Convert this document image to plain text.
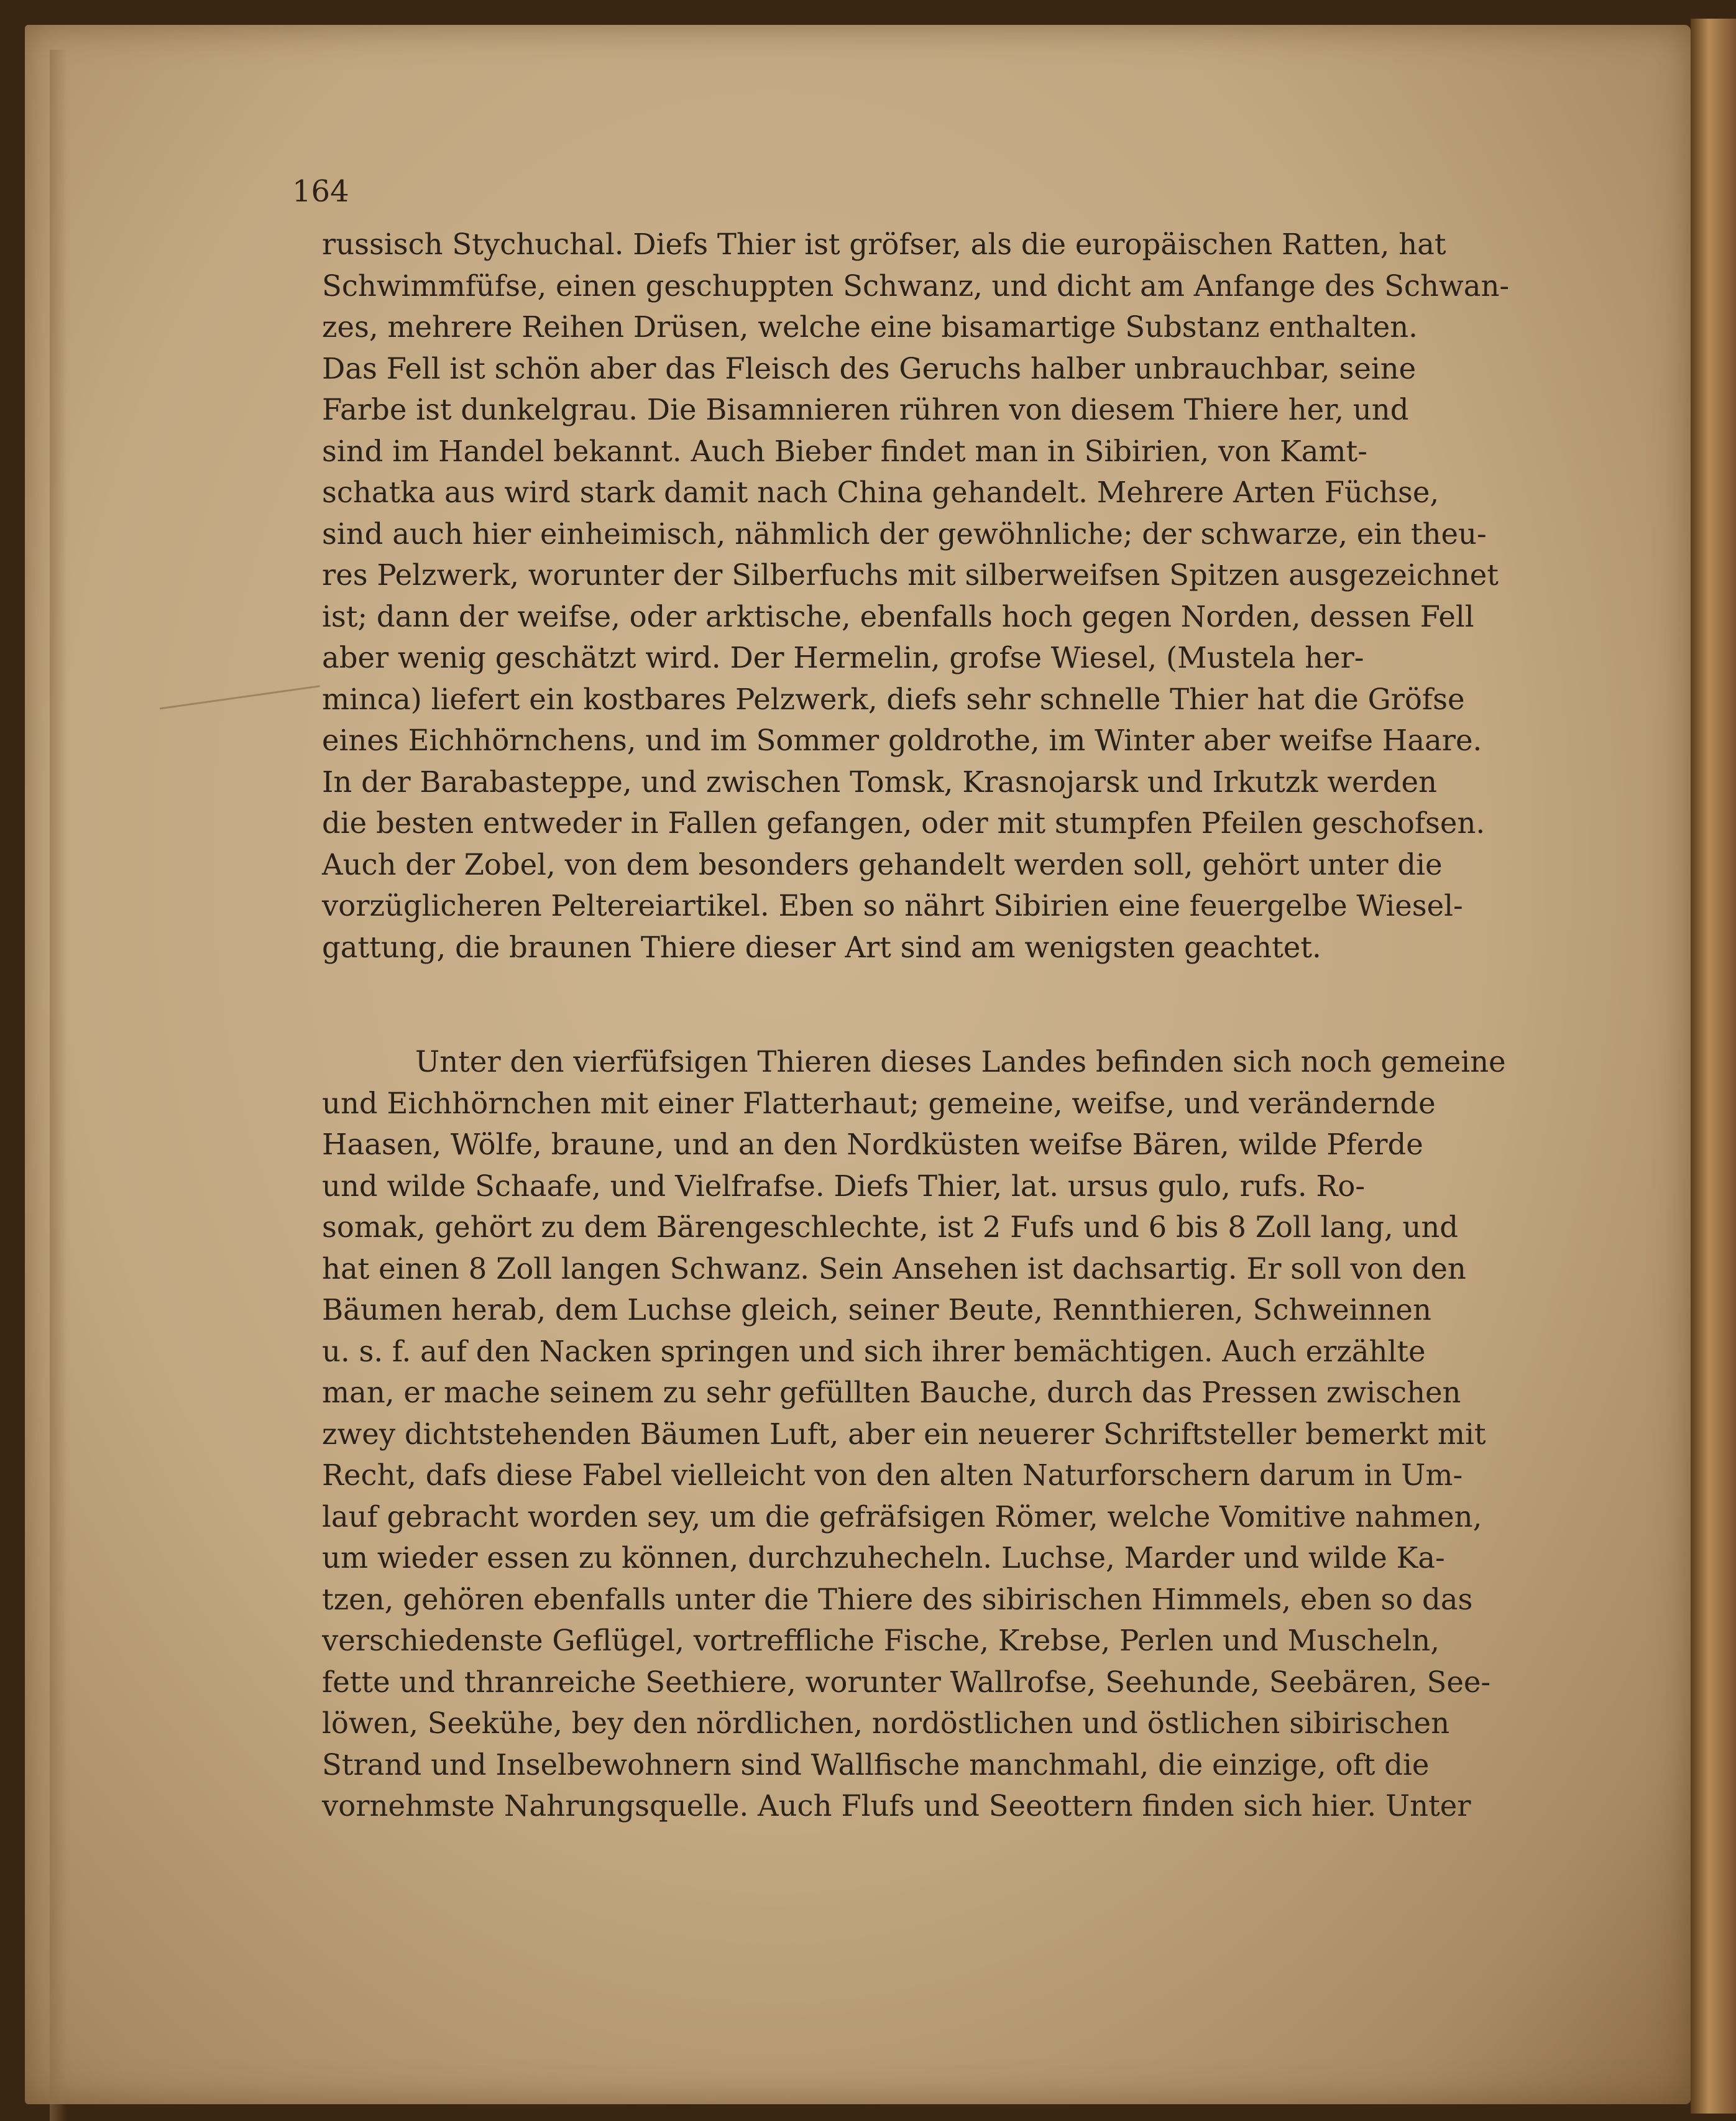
164

russisch Stychuchal. Diefs Thier ist gröfser, als die europäischen Ratten, hat
Schwimmfüfse, einen geschuppten Schwanz, und dicht am Anfange des Schwan-
zes, mehrere Reihen Drüsen, welche eine bisamartige Substanz enthalten.
Das Fell ist schön aber das Fleisch des Geruchs halber unbrauchbar, seine
Farbe ist dunkelgrau. Die Bisamnieren rühren von diesem Thiere her, und
sind im Handel bekannt. Auch Bieber findet man in Sibirien, von Kamt-
schatka aus wird stark damit nach China gehandelt. Mehrere Arten Füchse,
sind auch hier einheimisch, nähmlich der gewöhnliche; der schwarze, ein theu-
res Pelzwerk, worunter der Silberfuchs mit silberweifsen Spitzen ausgezeichnet
ist; dann der weifse, oder arktische, ebenfalls hoch gegen Norden, dessen Fell
aber wenig geschätzt wird. Der Hermelin, grofse Wiesel, (Mustela her-
minca) liefert ein kostbares Pelzwerk, diefs sehr schnelle Thier hat die Gröfse
eines Eichhörnchens, und im Sommer goldrothe, im Winter aber weifse Haare.
In der Barabasteppe, und zwischen Tomsk, Krasnojarsk und Irkutzk werden
die besten entweder in Fallen gefangen, oder mit stumpfen Pfeilen geschofsen.
Auch der Zobel, von dem besonders gehandelt werden soll, gehört unter die
vorzüglicheren Peltereiartikel. Eben so nährt Sibirien eine feuergelbe Wiesel-
gattung, die braunen Thiere dieser Art sind am wenigsten geachtet.
Unter den vierfüfsigen Thieren dieses Landes befinden sich noch gemeine
und Eichhörnchen mit einer Flatterhaut; gemeine, weifse, und verändernde
Haasen, Wölfe, braune, und an den Nordküsten weifse Bären, wilde Pferde
und wilde Schaafe, und Vielfrafse. Diefs Thier, lat. ursus gulo, rufs. Ro-
somak, gehört zu dem Bärengeschlechte, ist 2 Fufs und 6 bis 8 Zoll lang, und
hat einen 8 Zoll langen Schwanz. Sein Ansehen ist dachsartig. Er soll von den
Bäumen herab, dem Luchse gleich, seiner Beute, Rennthieren, Schweinnen
u. s. f. auf den Nacken springen und sich ihrer bemächtigen. Auch erzählte
man, er mache seinem zu sehr gefüllten Bauche, durch das Pressen zwischen
zwey dichtstehenden Bäumen Luft, aber ein neuerer Schriftsteller bemerkt mit
Recht, dafs diese Fabel vielleicht von den alten Naturforschern darum in Um-
lauf gebracht worden sey, um die gefräfsigen Römer, welche Vomitive nahmen,
um wieder essen zu können, durchzuhecheln. Luchse, Marder und wilde Ka-
tzen, gehören ebenfalls unter die Thiere des sibirischen Himmels, eben so das
verschiedenste Geflügel, vortreffliche Fische, Krebse, Perlen und Muscheln,
fette und thranreiche Seethiere, worunter Wallrofse, Seehunde, Seebären, See-
löwen, Seekühe, bey den nördlichen, nordöstlichen und östlichen sibirischen
Strand und Inselbewohnern sind Wallfische manchmahl, die einzige, oft die
vornehmste Nahrungsquelle. Auch Flufs und Seeottern finden sich hier. Unter
